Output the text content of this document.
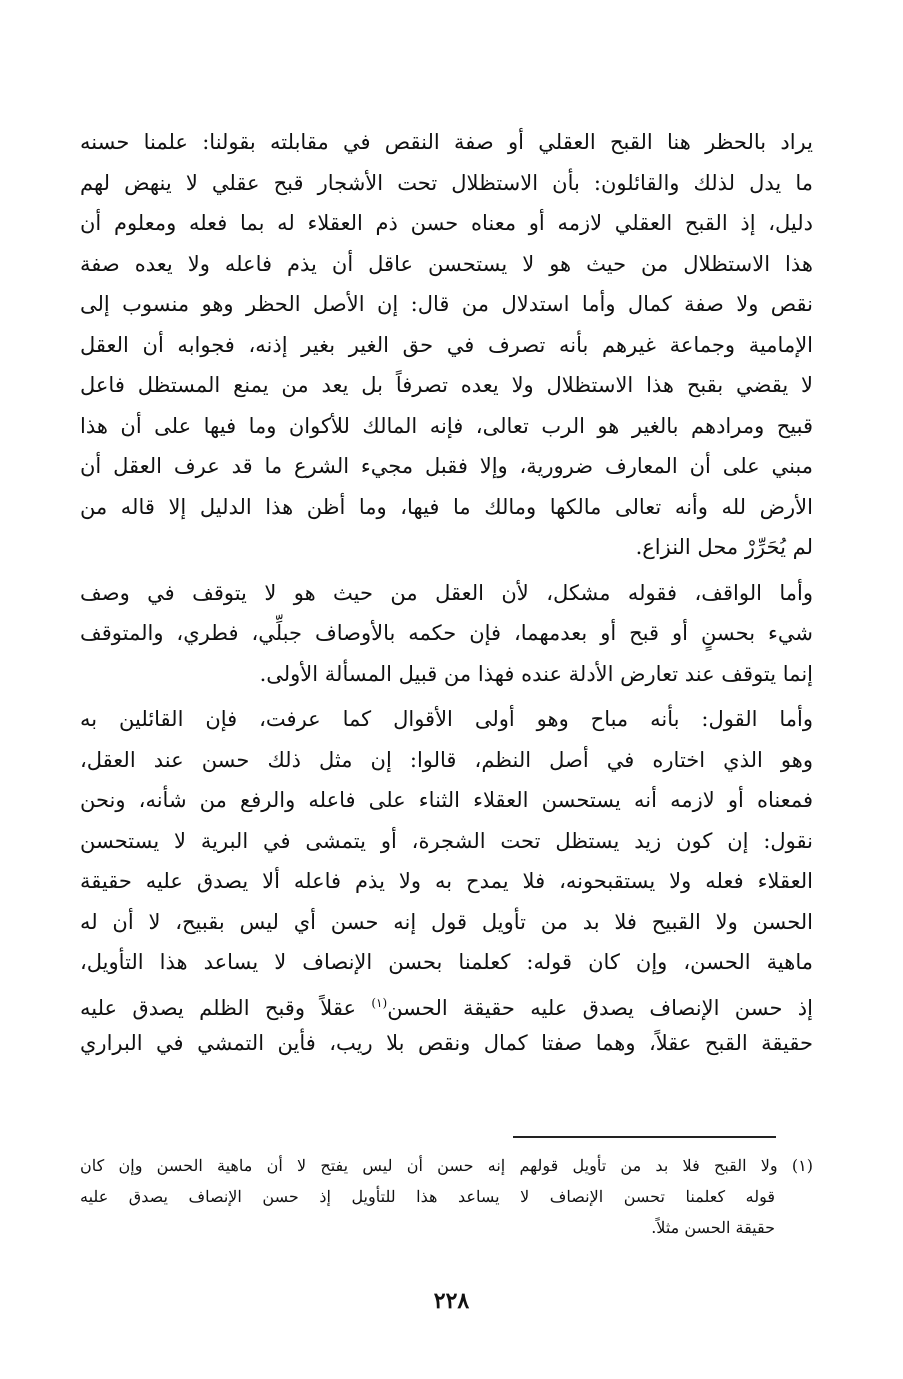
يراد بالحظر هنا القبح العقلي أو صفة النقص في مقابلته بقولنا: علمنا حسنه
ما يدل لذلك والقائلون: بأن الاستظلال تحت الأشجار قبح عقلي لا ينهض لهم
دليل، إذ القبح العقلي لازمه أو معناه حسن ذم العقلاء له بما فعله ومعلوم أن
هذا الاستظلال من حيث هو لا يستحسن عاقل أن يذم فاعله ولا يعده صفة
نقص ولا صفة كمال وأما استدلال من قال: إن الأصل الحظر وهو منسوب إلى
الإمامية وجماعة غيرهم بأنه تصرف في حق الغير بغير إذنه، فجوابه أن العقل
لا يقضي بقبح هذا الاستظلال ولا يعده تصرفاً بل يعد من يمنع المستظل فاعل
قبيح ومرادهم بالغير هو الرب تعالى، فإنه المالك للأكوان وما فيها على أن هذا
مبني على أن المعارف ضرورية، وإلا فقبل مجيء الشرع ما قد عرف العقل أن
الأرض لله وأنه تعالى مالكها ومالك ما فيها، وما أظن هذا الدليل إلا قاله من
لم يُحَرِّرْ محل النزاع.
وأما الواقف، فقوله مشكل، لأن العقل من حيث هو لا يتوقف في وصف
شيء بحسنٍ أو قبح أو بعدمهما، فإن حكمه بالأوصاف جبلِّي، فطري، والمتوقف
إنما يتوقف عند تعارض الأدلة عنده فهذا من قبيل المسألة الأولى.
وأما القول: بأنه مباح وهو أولى الأقوال كما عرفت، فإن القائلين به
وهو الذي اختاره في أصل النظم، قالوا: إن مثل ذلك حسن عند العقل،
فمعناه أو لازمه أنه يستحسن العقلاء الثناء على فاعله والرفع من شأنه، ونحن
نقول: إن كون زيد يستظل تحت الشجرة، أو يتمشى في البرية لا يستحسن
العقلاء فعله ولا يستقبحونه، فلا يمدح به ولا يذم فاعله ألا يصدق عليه حقيقة
الحسن ولا القبيح فلا بد من تأويل قول إنه حسن أي ليس بقبيح، لا أن له
ماهية الحسن، وإن كان قوله: كعلمنا بحسن الإنصاف لا يساعد هذا التأويل،
إذ حسن الإنصاف يصدق عليه حقيقة الحسن$^{(١)}$ عقلاً وقبح الظلم يصدق عليه
حقيقة القبح عقلاً، وهما صفتا كمال ونقص بلا ريب، فأين التمشي في البراري
(١) ولا القبح فلا بد من تأويل قولهم إنه حسن أن ليس يفتح لا أن ماهية الحسن وإن كان
قوله كعلمنا تحسن الإنصاف لا يساعد هذا للتأويل إذ حسن الإنصاف يصدق عليه
حقيقة الحسن مثلاً.
٢٢٨
